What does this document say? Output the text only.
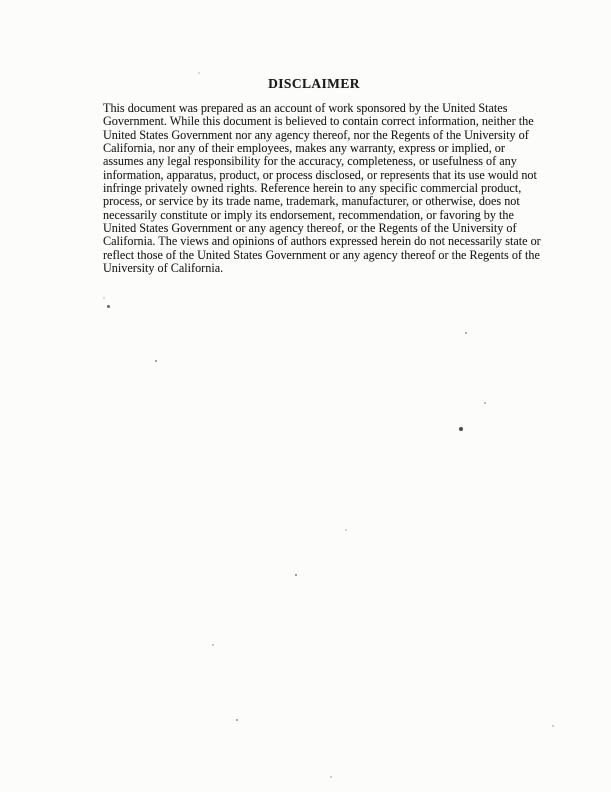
DISCLAIMER
This document was prepared as an account of work sponsored by the United States
Government. While this document is believed to contain correct information, neither the
United States Government nor any agency thereof, nor the Regents of the University of
California, nor any of their employees, makes any warranty, express or implied, or
assumes any legal responsibility for the accuracy, completeness, or usefulness of any
information, apparatus, product, or process disclosed, or represents that its use would not
infringe privately owned rights. Reference herein to any specific commercial product,
process, or service by its trade name, trademark, manufacturer, or otherwise, does not
necessarily constitute or imply its endorsement, recommendation, or favoring by the
United States Government or any agency thereof, or the Regents of the University of
California. The views and opinions of authors expressed herein do not necessarily state or
reflect those of the United States Government or any agency thereof or the Regents of the
University of California.
